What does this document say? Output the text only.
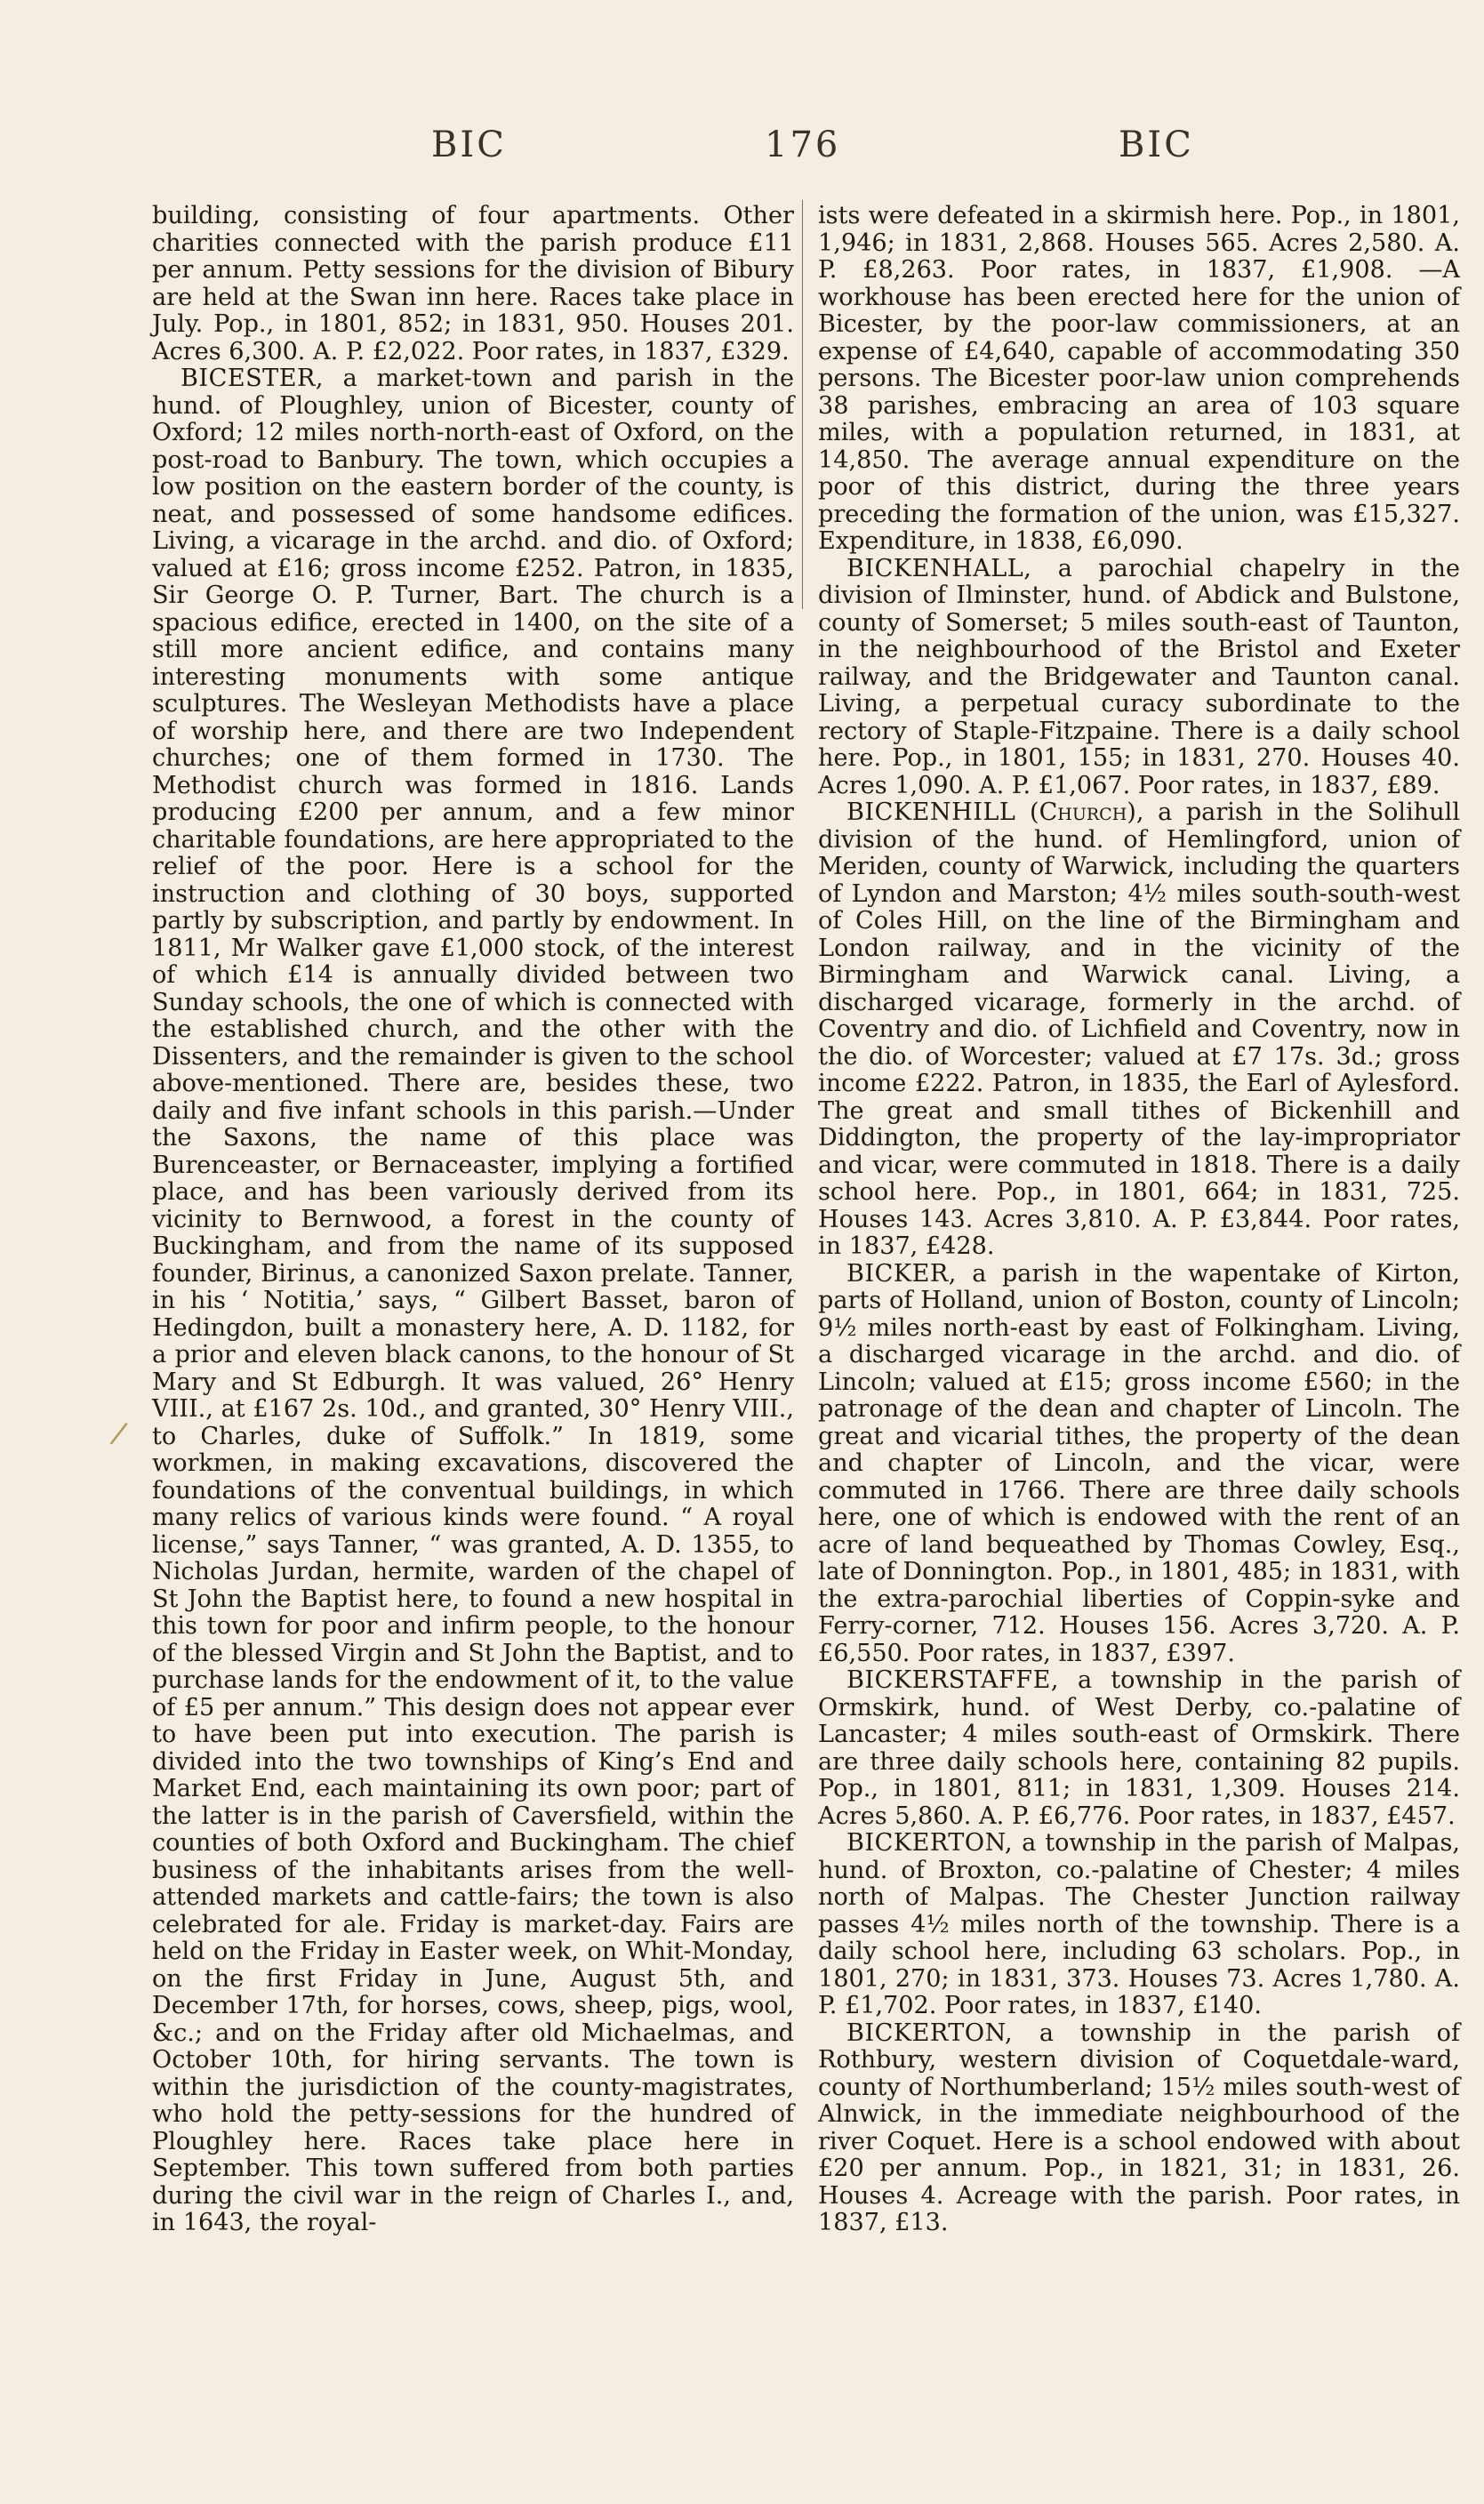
BIC	176	BIC
/

building, consisting of four apartments. Other charities connected with the parish produce £11 per annum. Petty sessions for the division of Bibury are held at the Swan inn here. Races take place in July. Pop., in 1801, 852; in 1831, 950. Houses 201. Acres 6,300. A. P. £2,022. Poor rates, in 1837, £329.

BICESTER, a market-town and parish in the hund. of Ploughley, union of Bicester, county of Oxford; 12 miles north-north-east of Oxford, on the post-road to Banbury. The town, which occupies a low position on the eastern border of the county, is neat, and possessed of some handsome edifices. Living, a vicarage in the archd. and dio. of Oxford; valued at £16; gross income £252. Patron, in 1835, Sir George O. P. Turner, Bart. The church is a spacious edifice, erected in 1400, on the site of a still more ancient edifice, and contains many interesting monuments with some antique sculptures. The Wesleyan Methodists have a place of worship here, and there are two Independent churches; one of them formed in 1730. The Methodist church was formed in 1816. Lands producing £200 per annum, and a few minor charitable foundations, are here appropriated to the relief of the poor. Here is a school for the instruction and clothing of 30 boys, supported partly by subscription, and partly by endowment. In 1811, Mr Walker gave £1,000 stock, of the interest of which £14 is annually divided between two Sunday schools, the one of which is connected with the established church, and the other with the Dissenters, and the remainder is given to the school above-mentioned. There are, besides these, two daily and five infant schools in this parish.—Under the Saxons, the name of this place was Burenceaster, or Bernaceaster, implying a fortified place, and has been variously derived from its vicinity to Bernwood, a forest in the county of Buckingham, and from the name of its supposed founder, Birinus, a canonized Saxon prelate. Tanner, in his ‘ Notitia,’ says, “ Gilbert Basset, baron of Hedingdon, built a monastery here, A. D. 1182, for a prior and eleven black canons, to the honour of St Mary and St Edburgh. It was valued, 26° Henry VIII., at £167 2s. 10d., and granted, 30° Henry VIII., to Charles, duke of Suffolk.” In 1819, some workmen, in making excavations, discovered the foundations of the conventual buildings, in which many relics of various kinds were found. “ A royal license,” says Tanner, “ was granted, A. D. 1355, to Nicholas Jurdan, hermite, warden of the chapel of St John the Baptist here, to found a new hospital in this town for poor and infirm people, to the honour of the blessed Virgin and St John the Baptist, and to purchase lands for the endowment of it, to the value of £5 per annum.” This design does not appear ever to have been put into execution. The parish is divided into the two townships of King’s End and Market End, each maintaining its own poor; part of the latter is in the parish of Caversfield, within the counties of both Oxford and Buckingham. The chief business of the inhabitants arises from the well-attended markets and cattle-fairs; the town is also celebrated for ale. Friday is market-day. Fairs are held on the Friday in Easter week, on Whit-Monday, on the first Friday in June, August 5th, and December 17th, for horses, cows, sheep, pigs, wool, &c.; and on the Friday after old Michaelmas, and October 10th, for hiring servants. The town is within the jurisdiction of the county-magistrates, who hold the petty-sessions for the hundred of Ploughley here. Races take place here in September. This town suffered from both parties during the civil war in the reign of Charles I., and, in 1643, the royal-

ists were defeated in a skirmish here. Pop., in 1801, 1,946; in 1831, 2,868. Houses 565. Acres 2,580. A. P. £8,263. Poor rates, in 1837, £1,908. —A workhouse has been erected here for the union of Bicester, by the poor-law commissioners, at an expense of £4,640, capable of accommodating 350 persons. The Bicester poor-law union comprehends 38 parishes, embracing an area of 103 square miles, with a population returned, in 1831, at 14,850. The average annual expenditure on the poor of this district, during the three years preceding the formation of the union, was £15,327. Expenditure, in 1838, £6,090.

BICKENHALL, a parochial chapelry in the division of Ilminster, hund. of Abdick and Bulstone, county of Somerset; 5 miles south-east of Taunton, in the neighbourhood of the Bristol and Exeter railway, and the Bridgewater and Taunton canal. Living, a perpetual curacy subordinate to the rectory of Staple-Fitzpaine. There is a daily school here. Pop., in 1801, 155; in 1831, 270. Houses 40. Acres 1,090. A. P. £1,067. Poor rates, in 1837, £89.

BICKENHILL (Church), a parish in the Solihull division of the hund. of Hemlingford, union of Meriden, county of Warwick, including the quarters of Lyndon and Marston; 4½ miles south-south-west of Coles Hill, on the line of the Birmingham and London railway, and in the vicinity of the Birmingham and Warwick canal. Living, a discharged vicarage, formerly in the archd. of Coventry and dio. of Lichfield and Coventry, now in the dio. of Worcester; valued at £7 17s. 3d.; gross income £222. Patron, in 1835, the Earl of Aylesford. The great and small tithes of Bickenhill and Diddington, the property of the lay-impropriator and vicar, were commuted in 1818. There is a daily school here. Pop., in 1801, 664; in 1831, 725. Houses 143. Acres 3,810. A. P. £3,844. Poor rates, in 1837, £428.

BICKER, a parish in the wapentake of Kirton, parts of Holland, union of Boston, county of Lincoln; 9½ miles north-east by east of Folkingham. Living, a discharged vicarage in the archd. and dio. of Lincoln; valued at £15; gross income £560; in the patronage of the dean and chapter of Lincoln. The great and vicarial tithes, the property of the dean and chapter of Lincoln, and the vicar, were commuted in 1766. There are three daily schools here, one of which is endowed with the rent of an acre of land bequeathed by Thomas Cowley, Esq., late of Donnington. Pop., in 1801, 485; in 1831, with the extra-parochial liberties of Coppin-syke and Ferry-corner, 712. Houses 156. Acres 3,720. A. P. £6,550. Poor rates, in 1837, £397.

BICKERSTAFFE, a township in the parish of Ormskirk, hund. of West Derby, co.-palatine of Lancaster; 4 miles south-east of Ormskirk. There are three daily schools here, containing 82 pupils. Pop., in 1801, 811; in 1831, 1,309. Houses 214. Acres 5,860. A. P. £6,776. Poor rates, in 1837, £457.

BICKERTON, a township in the parish of Malpas, hund. of Broxton, co.-palatine of Chester; 4 miles north of Malpas. The Chester Junction railway passes 4½ miles north of the township. There is a daily school here, including 63 scholars. Pop., in 1801, 270; in 1831, 373. Houses 73. Acres 1,780. A. P. £1,702. Poor rates, in 1837, £140.

BICKERTON, a township in the parish of Rothbury, western division of Coquetdale-ward, county of Northumberland; 15½ miles south-west of Alnwick, in the immediate neighbourhood of the river Coquet. Here is a school endowed with about £20 per annum. Pop., in 1821, 31; in 1831, 26. Houses 4. Acreage with the parish. Poor rates, in 1837, £13.
